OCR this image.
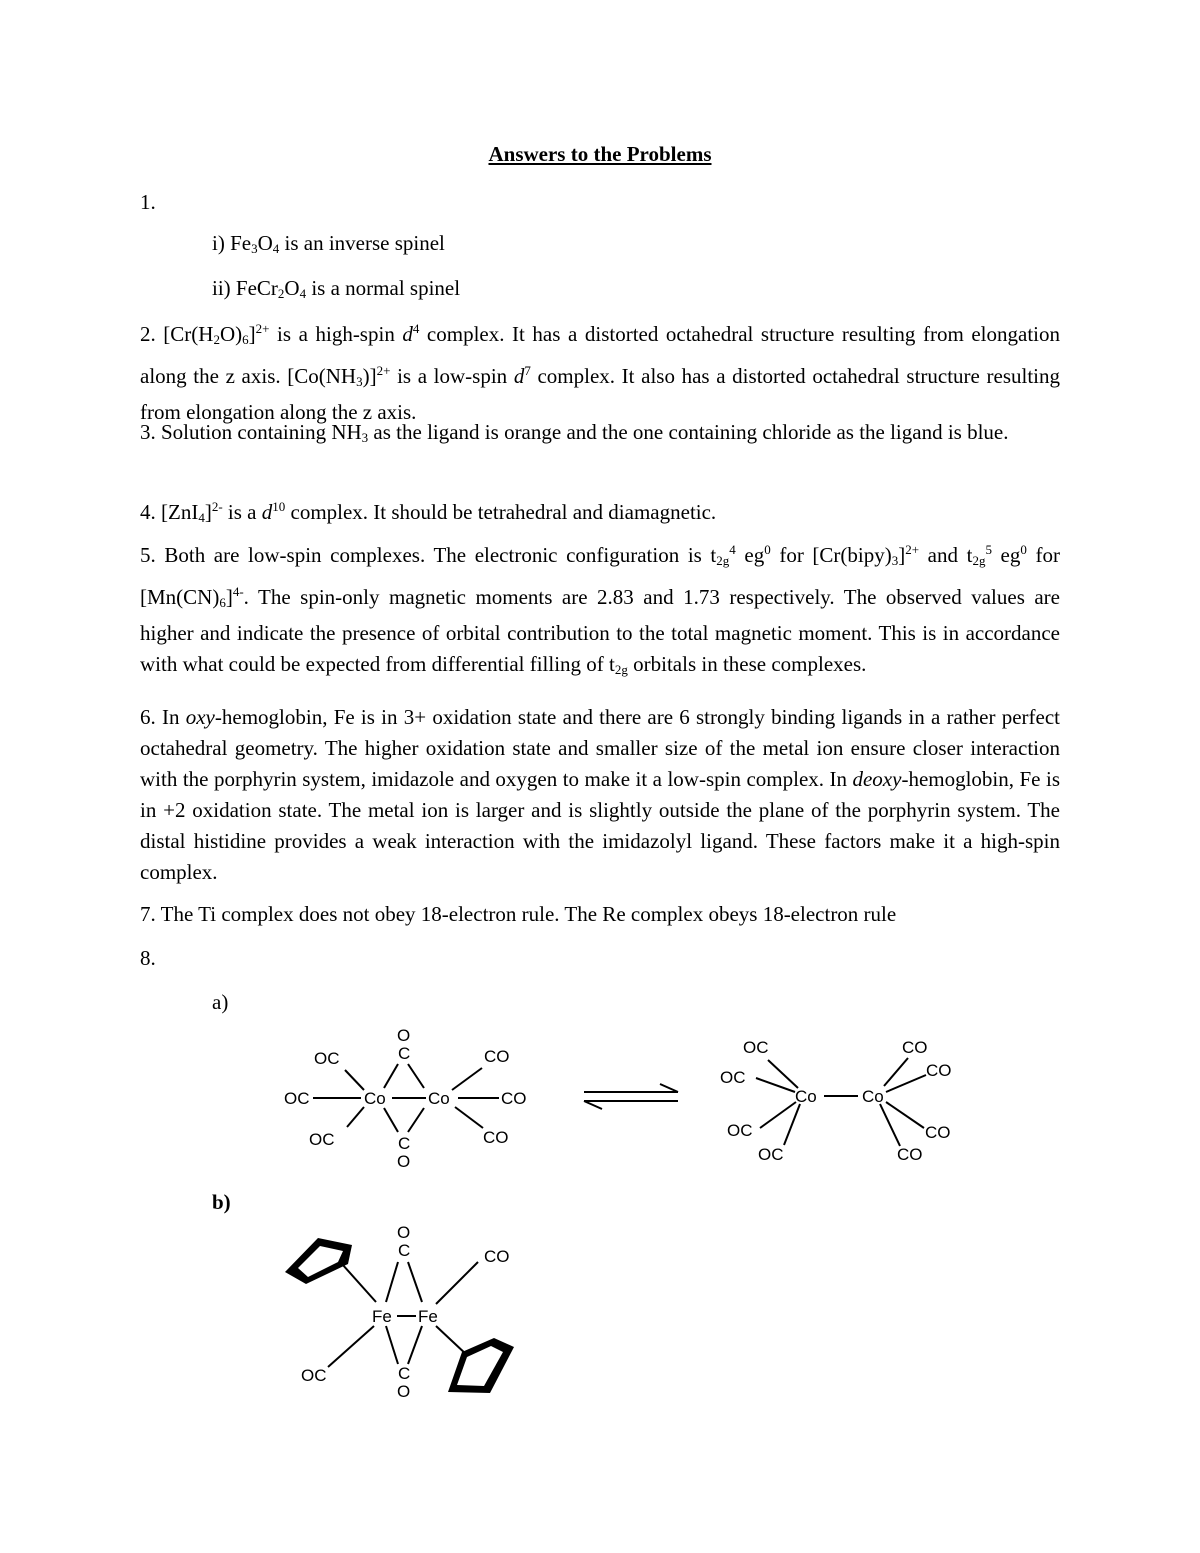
Answers to the Problems
1.
i) $Fe_3O_4$ is an inverse spinel
ii) $FeCr_2O_4$ is a normal spinel
2. $[Cr(H_2O)_6]^{2+}$ is a high-spin $d^4$ complex. It has a distorted octahedral structure resulting from elongation along the z axis. $[Co(NH_3)]^{2+}$ is a low-spin $d^7$ complex. It also has a distorted octahedral structure resulting from elongation along the z axis.
3. Solution containing $NH_3$ as the ligand is orange and the one containing chloride as the ligand is blue.
4. $[ZnI_4]^{2-}$ is a $d^{10}$ complex. It should be tetrahedral and diamagnetic.
5. Both are low-spin complexes. The electronic configuration is $t_{2g}^4$ $eg^0$ for $[Cr(bipy)_3]^{2+}$ and $t_{2g}^5$ $eg^0$ for $[Mn(CN)_6]^{4-}$. The spin-only magnetic moments are 2.83 and 1.73 respectively. The observed values are higher and indicate the presence of orbital contribution to the total magnetic moment. This is in accordance with what could be expected from differential filling of $t_{2g}$ orbitals in these complexes.
6. In oxy-hemoglobin, Fe is in 3+ oxidation state and there are 6 strongly binding ligands in a rather perfect octahedral geometry. The higher oxidation state and smaller size of the metal ion ensure closer interaction with the porphyrin system, imidazole and oxygen to make it a low-spin complex. In deoxy-hemoglobin, Fe is in +2 oxidation state. The metal ion is larger and is slightly outside the plane of the porphyrin system. The distal histidine provides a weak interaction with the imidazolyl ligand. These factors make it a high-spin complex.
7. The Ti complex does not obey 18-electron rule. The Re complex obeys 18-electron rule
8.
a)
O
C
OC	CO
OC	CO
Co Co
OC	CO
C
O
OC	CO
OC	CO
Co	Co
OC	CO
OC	CO
b)
O
C	CO
Fe Fe
OC	C
O
